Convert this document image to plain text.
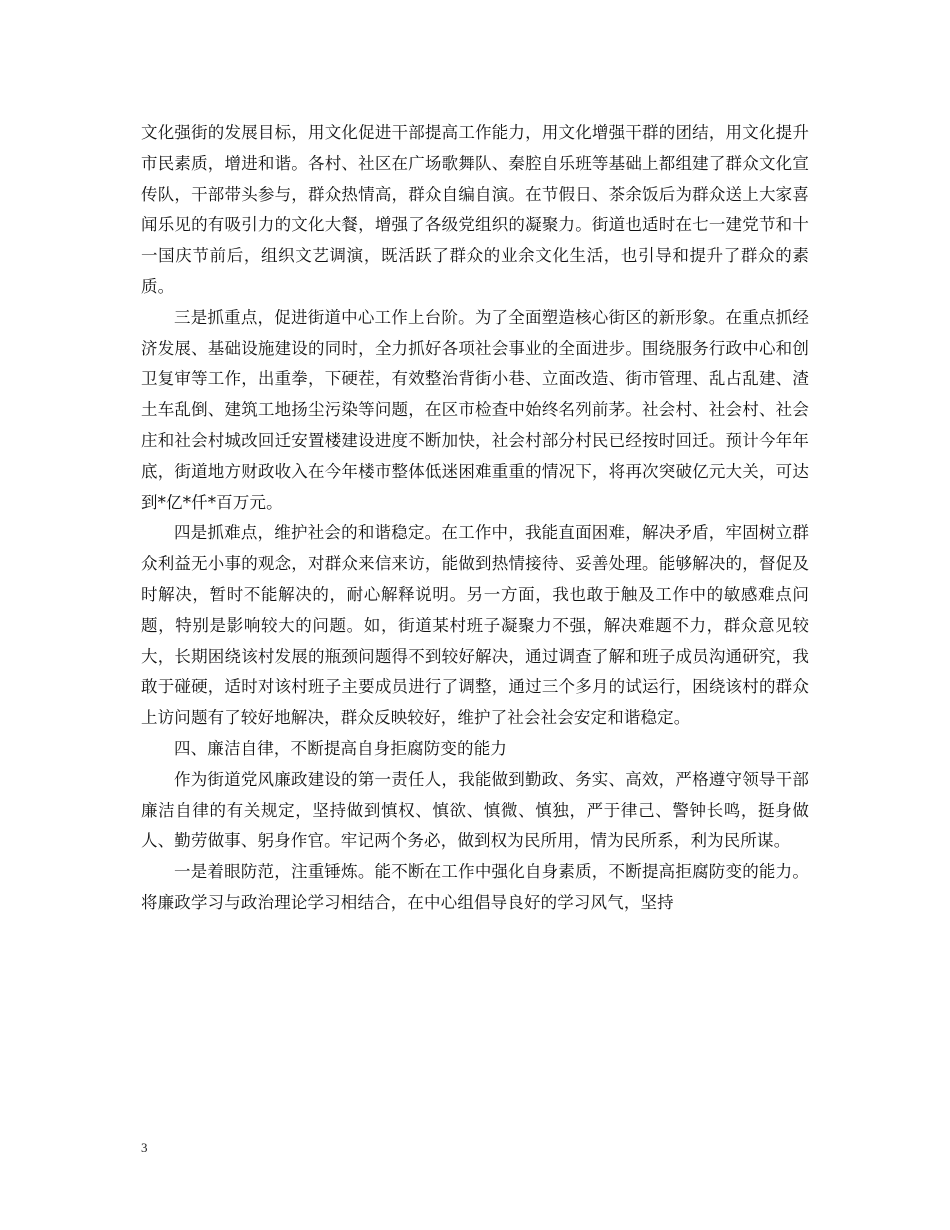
文化强街的发展目标，用文化促进干部提高工作能力，用文化增强干群的团结，用文化提升市民素质，增进和谐。各村、社区在广场歌舞队、秦腔自乐班等基础上都组建了群众文化宣传队，干部带头参与，群众热情高，群众自编自演。在节假日、茶余饭后为群众送上大家喜闻乐见的有吸引力的文化大餐，增强了各级党组织的凝聚力。街道也适时在七一建党节和十一国庆节前后，组织文艺调演，既活跃了群众的业余文化生活，也引导和提升了群众的素质。

三是抓重点，促进街道中心工作上台阶。为了全面塑造核心街区的新形象。在重点抓经济发展、基础设施建设的同时，全力抓好各项社会事业的全面进步。围绕服务行政中心和创卫复审等工作，出重拳，下硬茬，有效整治背街小巷、立面改造、街市管理、乱占乱建、渣土车乱倒、建筑工地扬尘污染等问题，在区市检查中始终名列前茅。社会村、社会村、社会庄和社会村城改回迁安置楼建设进度不断加快，社会村部分村民已经按时回迁。预计今年年底，街道地方财政收入在今年楼市整体低迷困难重重的情况下，将再次突破亿元大关，可达到*亿*仟*百万元。

四是抓难点，维护社会的和谐稳定。在工作中，我能直面困难，解决矛盾，牢固树立群众利益无小事的观念，对群众来信来访，能做到热情接待、妥善处理。能够解决的，督促及时解决，暂时不能解决的，耐心解释说明。另一方面，我也敢于触及工作中的敏感难点问题，特别是影响较大的问题。如，街道某村班子凝聚力不强，解决难题不力，群众意见较大，长期困绕该村发展的瓶颈问题得不到较好解决，通过调查了解和班子成员沟通研究，我敢于碰硬，适时对该村班子主要成员进行了调整，通过三个多月的试运行，困绕该村的群众上访问题有了较好地解决，群众反映较好，维护了社会社会安定和谐稳定。

四、廉洁自律，不断提高自身拒腐防变的能力

作为街道党风廉政建设的第一责任人，我能做到勤政、务实、高效，严格遵守领导干部廉洁自律的有关规定，坚持做到慎权、慎欲、慎微、慎独，严于律己、警钟长鸣，挺身做人、勤劳做事、躬身作官。牢记两个务必，做到权为民所用，情为民所系，利为民所谋。

一是着眼防范，注重锤炼。能不断在工作中强化自身素质，不断提高拒腐防变的能力。将廉政学习与政治理论学习相结合，在中心组倡导良好的学习风气，坚持

3
